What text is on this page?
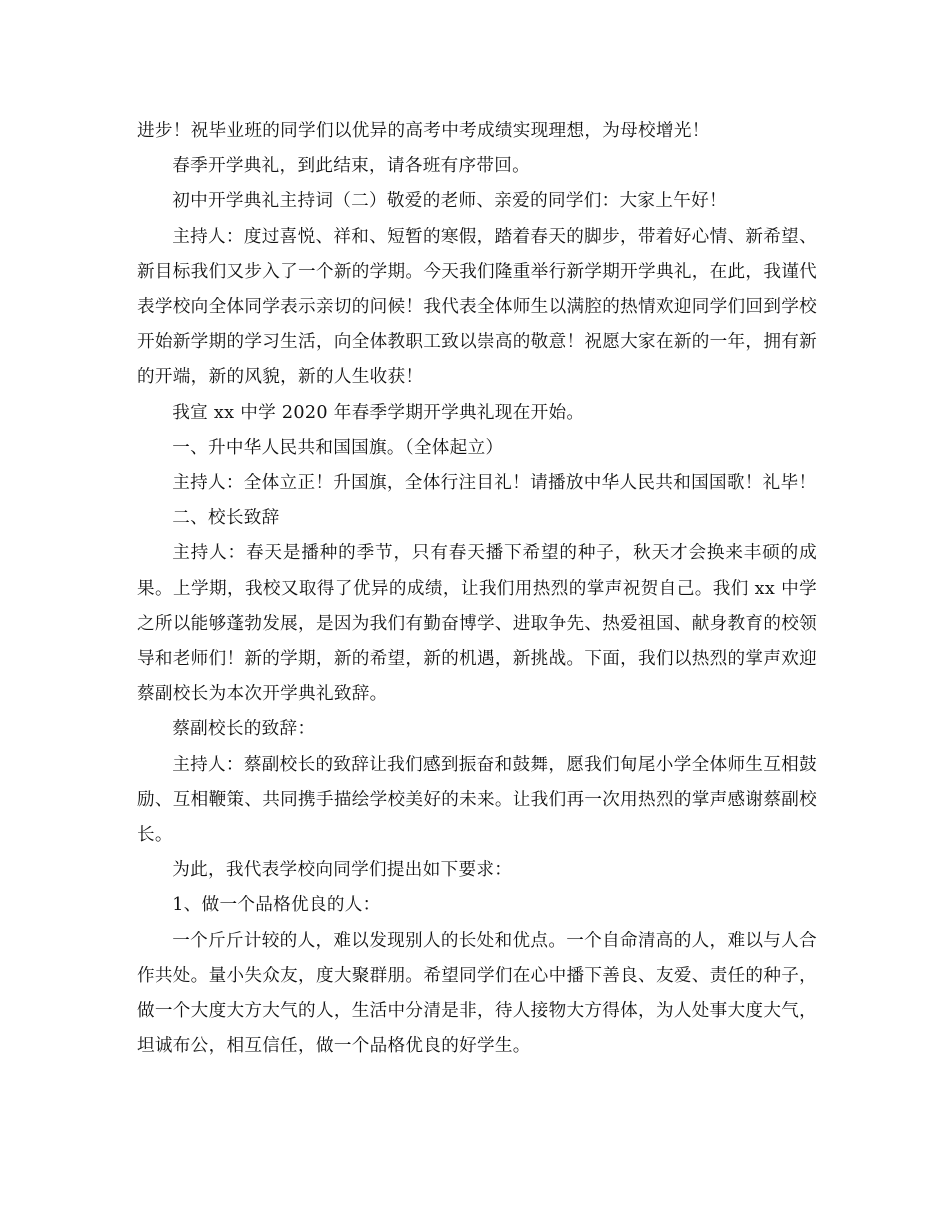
进步！祝毕业班的同学们以优异的高考中考成绩实现理想，为母校增光！

春季开学典礼，到此结束，请各班有序带回。

初中开学典礼主持词（二）敬爱的老师、亲爱的同学们：大家上午好！

主持人：度过喜悦、祥和、短暂的寒假，踏着春天的脚步，带着好心情、新希望、新目标我们又步入了一个新的学期。今天我们隆重举行新学期开学典礼，在此，我谨代表学校向全体同学表示亲切的问候！我代表全体师生以满腔的热情欢迎同学们回到学校开始新学期的学习生活，向全体教职工致以崇高的敬意！祝愿大家在新的一年，拥有新的开端，新的风貌，新的人生收获！

我宣 xx 中学 2020 年春季学期开学典礼现在开始。

一、升中华人民共和国国旗。（全体起立）

主持人：全体立正！升国旗，全体行注目礼！请播放中华人民共和国国歌！礼毕！

二、校长致辞

主持人：春天是播种的季节，只有春天播下希望的种子，秋天才会换来丰硕的成果。上学期，我校又取得了优异的成绩，让我们用热烈的掌声祝贺自己。我们 xx 中学之所以能够蓬勃发展，是因为我们有勤奋博学、进取争先、热爱祖国、献身教育的校领导和老师们！新的学期，新的希望，新的机遇，新挑战。下面，我们以热烈的掌声欢迎蔡副校长为本次开学典礼致辞。

蔡副校长的致辞：

主持人：蔡副校长的致辞让我们感到振奋和鼓舞，愿我们甸尾小学全体师生互相鼓励、互相鞭策、共同携手描绘学校美好的未来。让我们再一次用热烈的掌声感谢蔡副校长。

为此，我代表学校向同学们提出如下要求：

1、做一个品格优良的人：

一个斤斤计较的人，难以发现别人的长处和优点。一个自命清高的人，难以与人合作共处。量小失众友，度大聚群朋。希望同学们在心中播下善良、友爱、责任的种子，做一个大度大方大气的人，生活中分清是非，待人接物大方得体，为人处事大度大气，坦诚布公，相互信任，做一个品格优良的好学生。
